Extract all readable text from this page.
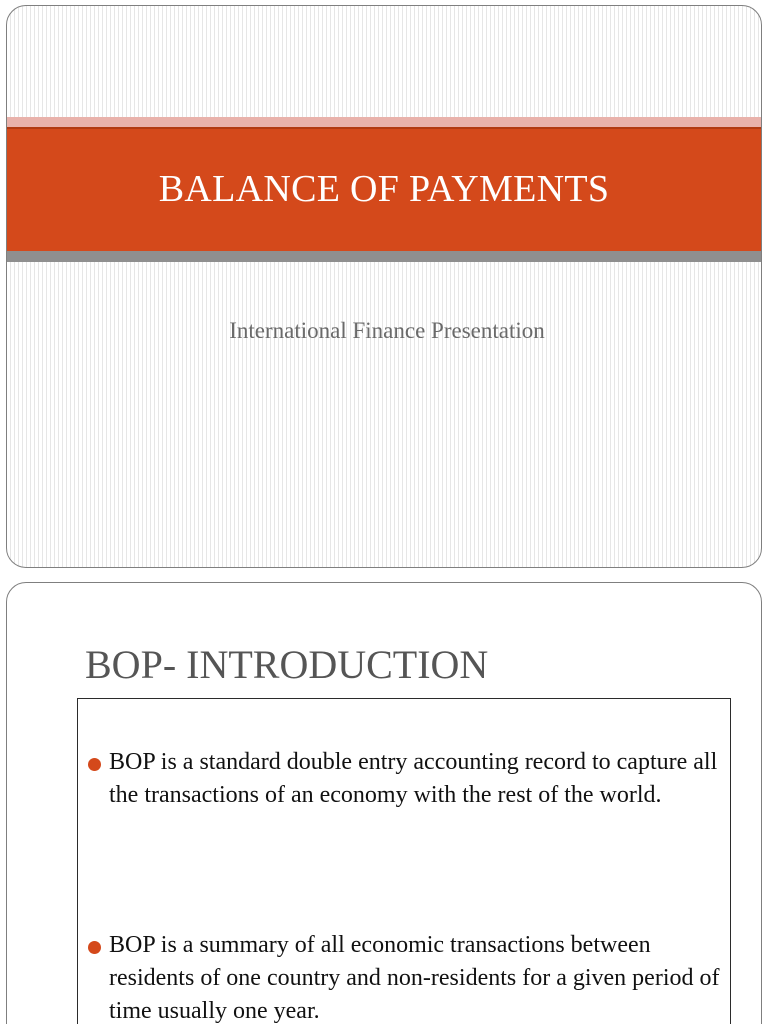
BALANCE OF PAYMENTS
International Finance Presentation
BOP- INTRODUCTION
BOP is a standard double entry accounting record to capture all the transactions of an economy with the rest of the world.
BOP is a summary of all economic transactions between residents of one country and non-residents for a given period of time usually one year.
